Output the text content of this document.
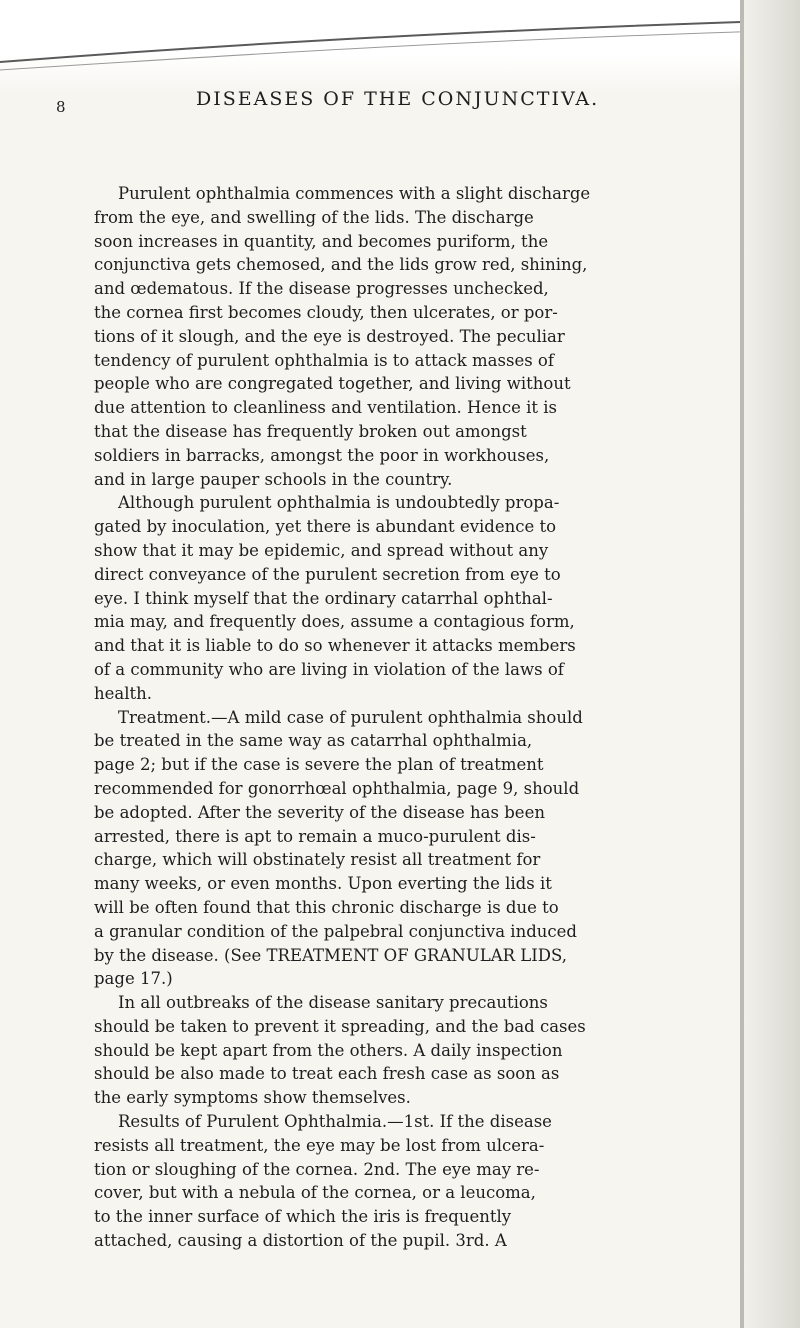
8	DISEASES OF THE CONJUNCTIVA.
Purulent ophthalmia commences with a slight discharge
from the eye, and swelling of the lids. The discharge
soon increases in quantity, and becomes puriform, the
conjunctiva gets chemosed, and the lids grow red, shining,
and œdematous. If the disease progresses unchecked,
the cornea first becomes cloudy, then ulcerates, or por-
tions of it slough, and the eye is destroyed. The peculiar
tendency of purulent ophthalmia is to attack masses of
people who are congregated together, and living without
due attention to cleanliness and ventilation. Hence it is
that the disease has frequently broken out amongst
soldiers in barracks, amongst the poor in workhouses,
and in large pauper schools in the country.
Although purulent ophthalmia is undoubtedly propa-
gated by inoculation, yet there is abundant evidence to
show that it may be epidemic, and spread without any
direct conveyance of the purulent secretion from eye to
eye. I think myself that the ordinary catarrhal ophthal-
mia may, and frequently does, assume a contagious form,
and that it is liable to do so whenever it attacks members
of a community who are living in violation of the laws of
health.
Treatment.—A mild case of purulent ophthalmia should
be treated in the same way as catarrhal ophthalmia,
page 2; but if the case is severe the plan of treatment
recommended for gonorrhœal ophthalmia, page 9, should
be adopted. After the severity of the disease has been
arrested, there is apt to remain a muco-purulent dis-
charge, which will obstinately resist all treatment for
many weeks, or even months. Upon everting the lids it
will be often found that this chronic discharge is due to
a granular condition of the palpebral conjunctiva induced
by the disease. (See TREATMENT OF GRANULAR LIDS,
page 17.)
In all outbreaks of the disease sanitary precautions
should be taken to prevent it spreading, and the bad cases
should be kept apart from the others. A daily inspection
should be also made to treat each fresh case as soon as
the early symptoms show themselves.
Results of Purulent Ophthalmia.—1st. If the disease
resists all treatment, the eye may be lost from ulcera-
tion or sloughing of the cornea. 2nd. The eye may re-
cover, but with a nebula of the cornea, or a leucoma,
to the inner surface of which the iris is frequently
attached, causing a distortion of the pupil. 3rd. A
